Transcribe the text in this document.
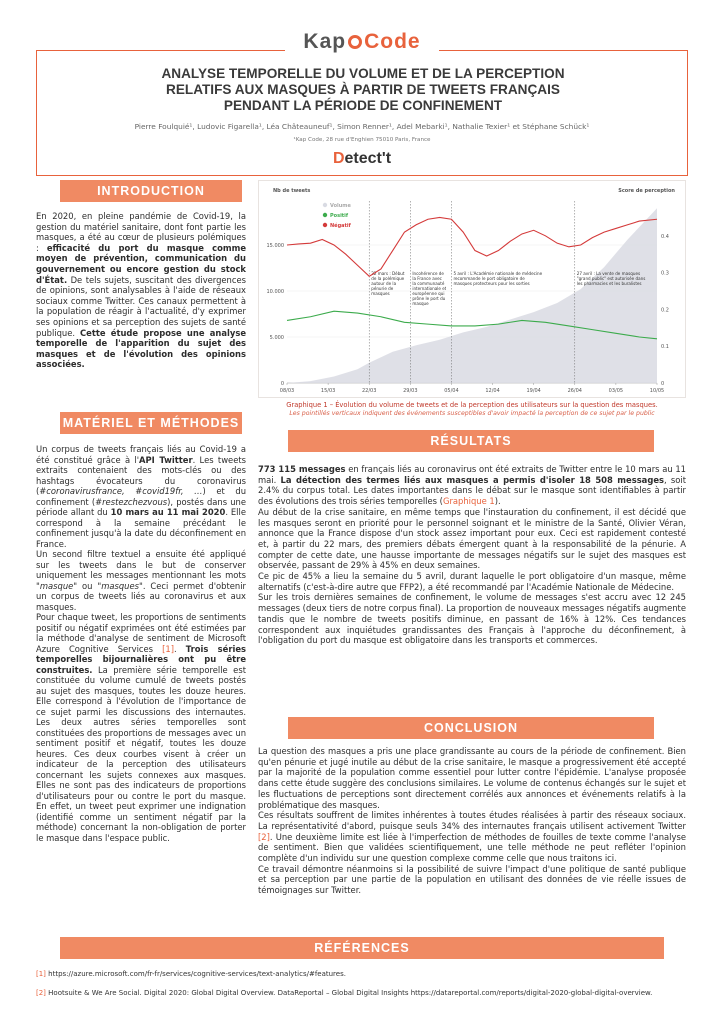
Kap Code
ANALYSE TEMPORELLE DU VOLUME ET DE LA PERCEPTION
RELATIFS AUX MASQUES À PARTIR DE TWEETS FRANÇAIS
PENDANT LA PÉRIODE DE CONFINEMENT
Pierre Foulquié¹, Ludovic Figarella¹, Léa Châteauneuf¹, Simon Renner¹, Adel Mebarki¹, Nathalie Texier¹ et Stéphane Schück¹
¹Kap Code, 28 rue d'Enghien 75010 Paris, France
Detect't
INTRODUCTION

En 2020, en pleine pandémie de Covid-19, la gestion du matériel sanitaire, dont font partie les masques, a été au cœur de plusieurs polémiques : efficacité du port du masque comme moyen de prévention, communication du gouvernement ou encore gestion du stock d'État. De tels sujets, suscitant des divergences de opinions, sont analysables à l'aide de réseaux sociaux comme Twitter. Ces canaux permettent à la population de réagir à l'actualité, d'y exprimer ses opinions et sa perception des sujets de santé publique. Cette étude propose une analyse temporelle de l'apparition du sujet des masques et de l'évolution des opinions associées.

MATÉRIEL ET MÉTHODES

Un corpus de tweets français liés au Covid-19 a été constitué grâce à l'API Twitter. Les tweets extraits contenaient des mots-clés ou des hashtags évocateurs du coronavirus (#coronavirusfrance, #covid19fr, …) et du confinement (#restezchezvous), postés dans une période allant du 10 mars au 11 mai 2020. Elle correspond à la semaine précédant le confinement jusqu'à la date du déconfinement en France.

Un second filtre textuel a ensuite été appliqué sur les tweets dans le but de conserver uniquement les messages mentionnant les mots "masque" ou "masques". Ceci permet d'obtenir un corpus de tweets liés au coronavirus et aux masques.

Pour chaque tweet, les proportions de sentiments positif ou négatif exprimées ont été estimées par la méthode d'analyse de sentiment de Microsoft Azure Cognitive Services [1]. Trois séries temporelles bijournalières ont pu être construites. La première série temporelle est constituée du volume cumulé de tweets postés au sujet des masques, toutes les douze heures. Elle correspond à l'évolution de l'importance de ce sujet parmi les discussions des internautes. Les deux autres séries temporelles sont constituées des proportions de messages avec un sentiment positif et négatif, toutes les douze heures. Ces deux courbes visent à créer un indicateur de la perception des utilisateurs concernant les sujets connexes aux masques. Elles ne sont pas des indicateurs de proportions d'utilisateurs pour ou contre le port du masque. En effet, un tweet peut exprimer une indignation (identifié comme un sentiment négatif par la méthode) concernant la non-obligation de porter le masque dans l'espace public.

0
5.000
10.000
15.000
0
0.1
0.2
0.3
0.4
08/03	15/03	22/03	29/03	05/04	12/04	19/04	26/04	03/05	10/05
Nb de tweets	Score de perception
22 mars : Début de la polémique autour de la pénurie de masques
Incohérence de la France avec la communauté internationale et européenne qui prône le port du masque
5 avril : L'Académie nationale de médecine recommande le port obligatoire de masques protecteurs pour les sorties
27 avril : La vente de masques "grand public" est autorisée dans les pharmacies et les buralistes
Volume
Positif
Négatif
Graphique 1 – Évolution du volume de tweets et de la perception des utilisateurs sur la question des masques.
Les pointillés verticaux indiquent des événements susceptibles d'avoir impacté la perception de ce sujet par le public
RÉSULTATS

773 115 messages en français liés au coronavirus ont été extraits de Twitter entre le 10 mars au 11 mai. La détection des termes liés aux masques a permis d'isoler 18 508 messages, soit 2.4% du corpus total. Les dates importantes dans le débat sur le masque sont identifiables à partir des évolutions des trois séries temporelles (Graphique 1).

Au début de la crise sanitaire, en même temps que l'instauration du confinement, il est décidé que les masques seront en priorité pour le personnel soignant et le ministre de la Santé, Olivier Véran, annonce que la France dispose d'un stock assez important pour eux. Ceci est rapidement contesté et, à partir du 22 mars, des premiers débats émergent quant à la responsabilité de la pénurie. A compter de cette date, une hausse importante de messages négatifs sur le sujet des masques est observée, passant de 29% à 45% en deux semaines.

Ce pic de 45% a lieu la semaine du 5 avril, durant laquelle le port obligatoire d'un masque, même alternatifs (c'est-à-dire autre que FFP2), a été recommandé par l'Académie Nationale de Médecine.

Sur les trois dernières semaines de confinement, le volume de messages s'est accru avec 12 245 messages (deux tiers de notre corpus final). La proportion de nouveaux messages négatifs augmente tandis que le nombre de tweets positifs diminue, en passant de 16% à 12%. Ces tendances correspondent aux inquiétudes grandissantes des Français à l'approche du déconfinement, à l'obligation du port du masque est obligatoire dans les transports et commerces.

CONCLUSION

La question des masques a pris une place grandissante au cours de la période de confinement. Bien qu'en pénurie et jugé inutile au début de la crise sanitaire, le masque a progressivement été accepté par la majorité de la population comme essentiel pour lutter contre l'épidémie. L'analyse proposée dans cette étude suggère des conclusions similaires. Le volume de contenus échangés sur le sujet et les fluctuations de perceptions sont directement corrélés aux annonces et événements relatifs à la problématique des masques.

Ces résultats souffrent de limites inhérentes à toutes études réalisées à partir des réseaux sociaux. La représentativité d'abord, puisque seuls 34% des internautes français utilisent activement Twitter [2]. Une deuxième limite est liée à l'imperfection de méthodes de fouilles de texte comme l'analyse de sentiment. Bien que validées scientifiquement, une telle méthode ne peut refléter l'opinion complète d'un individu sur une question complexe comme celle que nous traitons ici.

Ce travail démontre néanmoins si la possibilité de suivre l'impact d'une politique de santé publique et sa perception par une partie de la population en utilisant des données de vie réelle issues de témoignages sur Twitter.

RÉFÉRENCES
[1] https://azure.microsoft.com/fr-fr/services/cognitive-services/text-analytics/#features.
[2] Hootsuite & We Are Social. Digital 2020: Global Digital Overview. DataReportal – Global Digital Insights https://datareportal.com/reports/digital-2020-global-digital-overview.
